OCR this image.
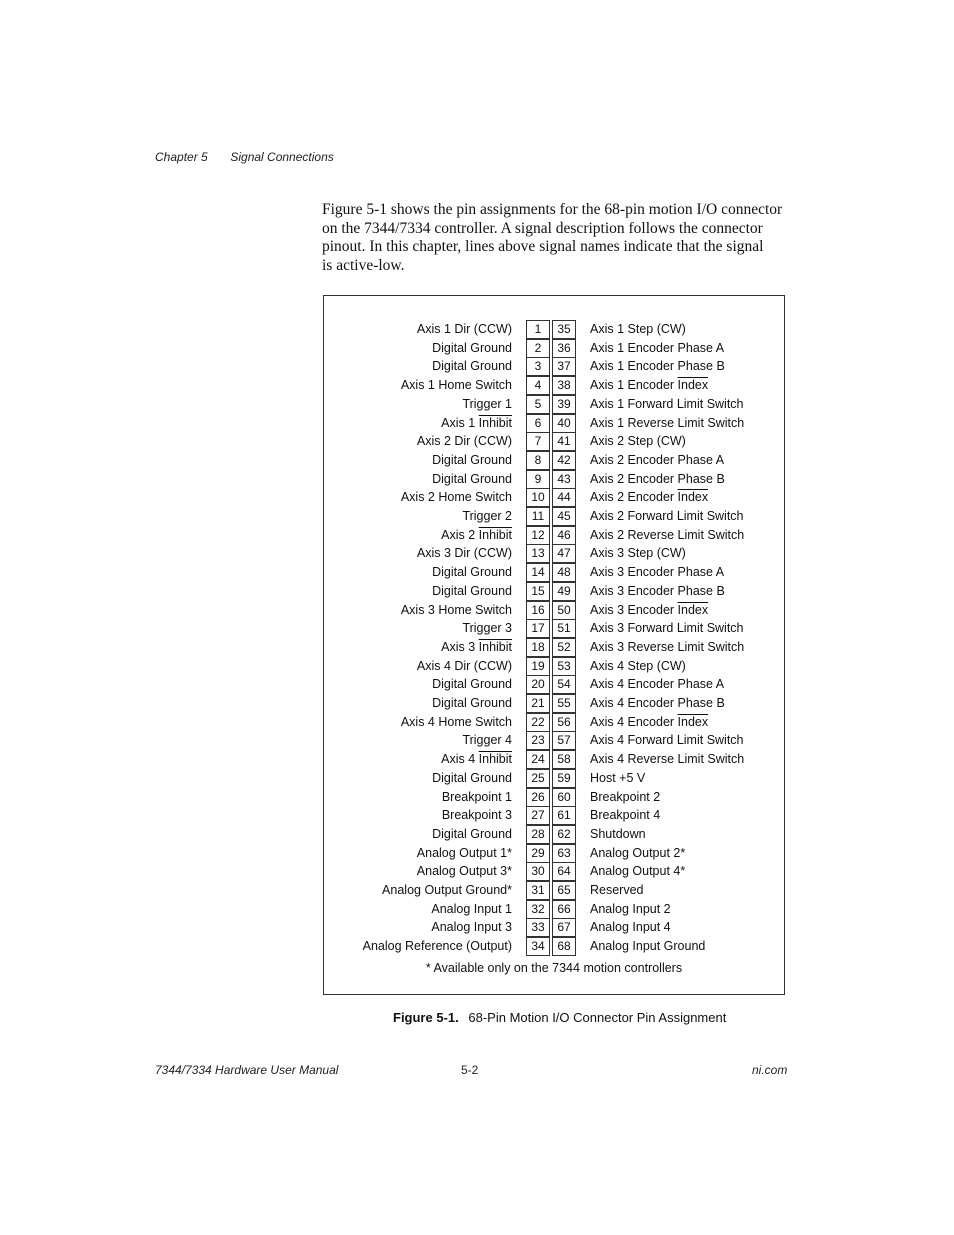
Chapter 5 Signal Connections
Figure 5-1 shows the pin assignments for the 68-pin motion I/O connector
on the 7344/7334 controller. A signal description follows the connector
pinout. In this chapter, lines above signal names indicate that the signal
is active-low.
* Available only on the 7344 motion controllers
Axis 1 Dir (CCW)	1	35	Axis 1 Step (CW)
Digital Ground	2	36	Axis 1 Encoder Phase A
Digital Ground	3	37	Axis 1 Encoder Phase B
Axis 1 Home Switch	4	38	Axis 1 Encoder Index
Trigger 1	5	39	Axis 1 Forward Limit Switch
Axis 1 Inhibit	6	40	Axis 1 Reverse Limit Switch
Axis 2 Dir (CCW)	7	41	Axis 2 Step (CW)
Digital Ground	8	42	Axis 2 Encoder Phase A
Digital Ground	9	43	Axis 2 Encoder Phase B
Axis 2 Home Switch	10	44	Axis 2 Encoder Index
Trigger 2	11	45	Axis 2 Forward Limit Switch
Axis 2 Inhibit	12	46	Axis 2 Reverse Limit Switch
Axis 3 Dir (CCW)	13	47	Axis 3 Step (CW)
Digital Ground	14	48	Axis 3 Encoder Phase A
Digital Ground	15	49	Axis 3 Encoder Phase B
Axis 3 Home Switch	16	50	Axis 3 Encoder Index
Trigger 3	17	51	Axis 3 Forward Limit Switch
Axis 3 Inhibit	18	52	Axis 3 Reverse Limit Switch
Axis 4 Dir (CCW)	19	53	Axis 4 Step (CW)
Digital Ground	20	54	Axis 4 Encoder Phase A
Digital Ground	21	55	Axis 4 Encoder Phase B
Axis 4 Home Switch	22	56	Axis 4 Encoder Index
Trigger 4	23	57	Axis 4 Forward Limit Switch
Axis 4 Inhibit	24	58	Axis 4 Reverse Limit Switch
Digital Ground	25	59	Host +5 V
Breakpoint 1	26	60	Breakpoint 2
Breakpoint 3	27	61	Breakpoint 4
Digital Ground	28	62	Shutdown
Analog Output 1*	29	63	Analog Output 2*
Analog Output 3*	30	64	Analog Output 4*
Analog Output Ground*	31	65	Reserved
Analog Input 1	32	66	Analog Input 2
Analog Input 3	33	67	Analog Input 4
Analog Reference (Output)	34	68	Analog Input Ground
Figure 5-1. 68-Pin Motion I/O Connector Pin Assignment
7344/7334 Hardware User Manual	5-2	ni.com
